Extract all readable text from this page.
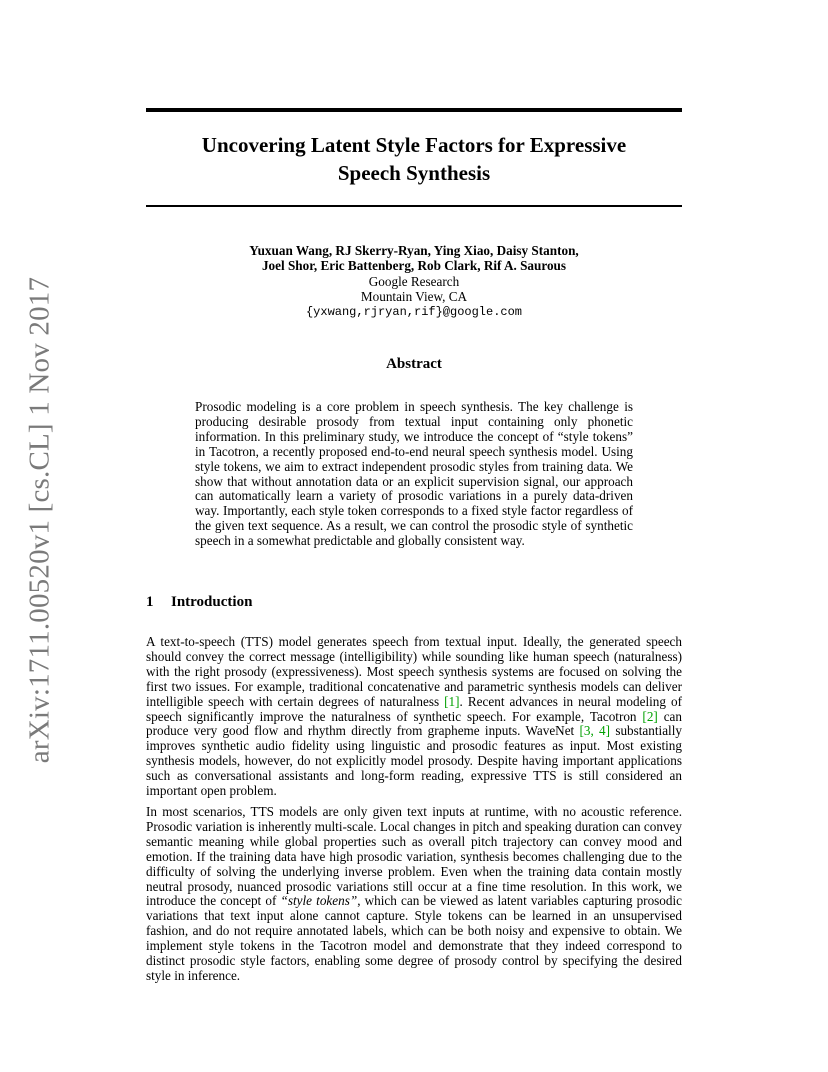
arXiv:1711.00520v1 [cs.CL] 1 Nov 2017
Uncovering Latent Style Factors for Expressive
Speech Synthesis
Yuxuan Wang, RJ Skerry-Ryan, Ying Xiao, Daisy Stanton,
Joel Shor, Eric Battenberg, Rob Clark, Rif A. Saurous
Google Research
Mountain View, CA
{yxwang,rjryan,rif}@google.com
Abstract
Prosodic modeling is a core problem in speech synthesis. The key challenge is producing desirable prosody from textual input containing only phonetic information. In this preliminary study, we introduce the concept of “style tokens” in Tacotron, a recently proposed end-to-end neural speech synthesis model. Using style tokens, we aim to extract independent prosodic styles from training data. We show that without annotation data or an explicit supervision signal, our approach can automatically learn a variety of prosodic variations in a purely data-driven way. Importantly, each style token corresponds to a fixed style factor regardless of the given text sequence. As a result, we can control the prosodic style of synthetic speech in a somewhat predictable and globally consistent way.
1 Introduction

A text-to-speech (TTS) model generates speech from textual input. Ideally, the generated speech should convey the correct message (intelligibility) while sounding like human speech (naturalness) with the right prosody (expressiveness). Most speech synthesis systems are focused on solving the first two issues. For example, traditional concatenative and parametric synthesis models can deliver intelligible speech with certain degrees of naturalness [1]. Recent advances in neural modeling of speech significantly improve the naturalness of synthetic speech. For example, Tacotron [2] can produce very good flow and rhythm directly from grapheme inputs. WaveNet [3, 4] substantially improves synthetic audio fidelity using linguistic and prosodic features as input. Most existing synthesis models, however, do not explicitly model prosody. Despite having important applications such as conversational assistants and long-form reading, expressive TTS is still considered an important open problem.

In most scenarios, TTS models are only given text inputs at runtime, with no acoustic reference. Prosodic variation is inherently multi-scale. Local changes in pitch and speaking duration can convey semantic meaning while global properties such as overall pitch trajectory can convey mood and emotion. If the training data have high prosodic variation, synthesis becomes challenging due to the difficulty of solving the underlying inverse problem. Even when the training data contain mostly neutral prosody, nuanced prosodic variations still occur at a fine time resolution. In this work, we introduce the concept of “style tokens”, which can be viewed as latent variables capturing prosodic variations that text input alone cannot capture. Style tokens can be learned in an unsupervised fashion, and do not require annotated labels, which can be both noisy and expensive to obtain. We implement style tokens in the Tacotron model and demonstrate that they indeed correspond to distinct prosodic style factors, enabling some degree of prosody control by specifying the desired style in inference.
